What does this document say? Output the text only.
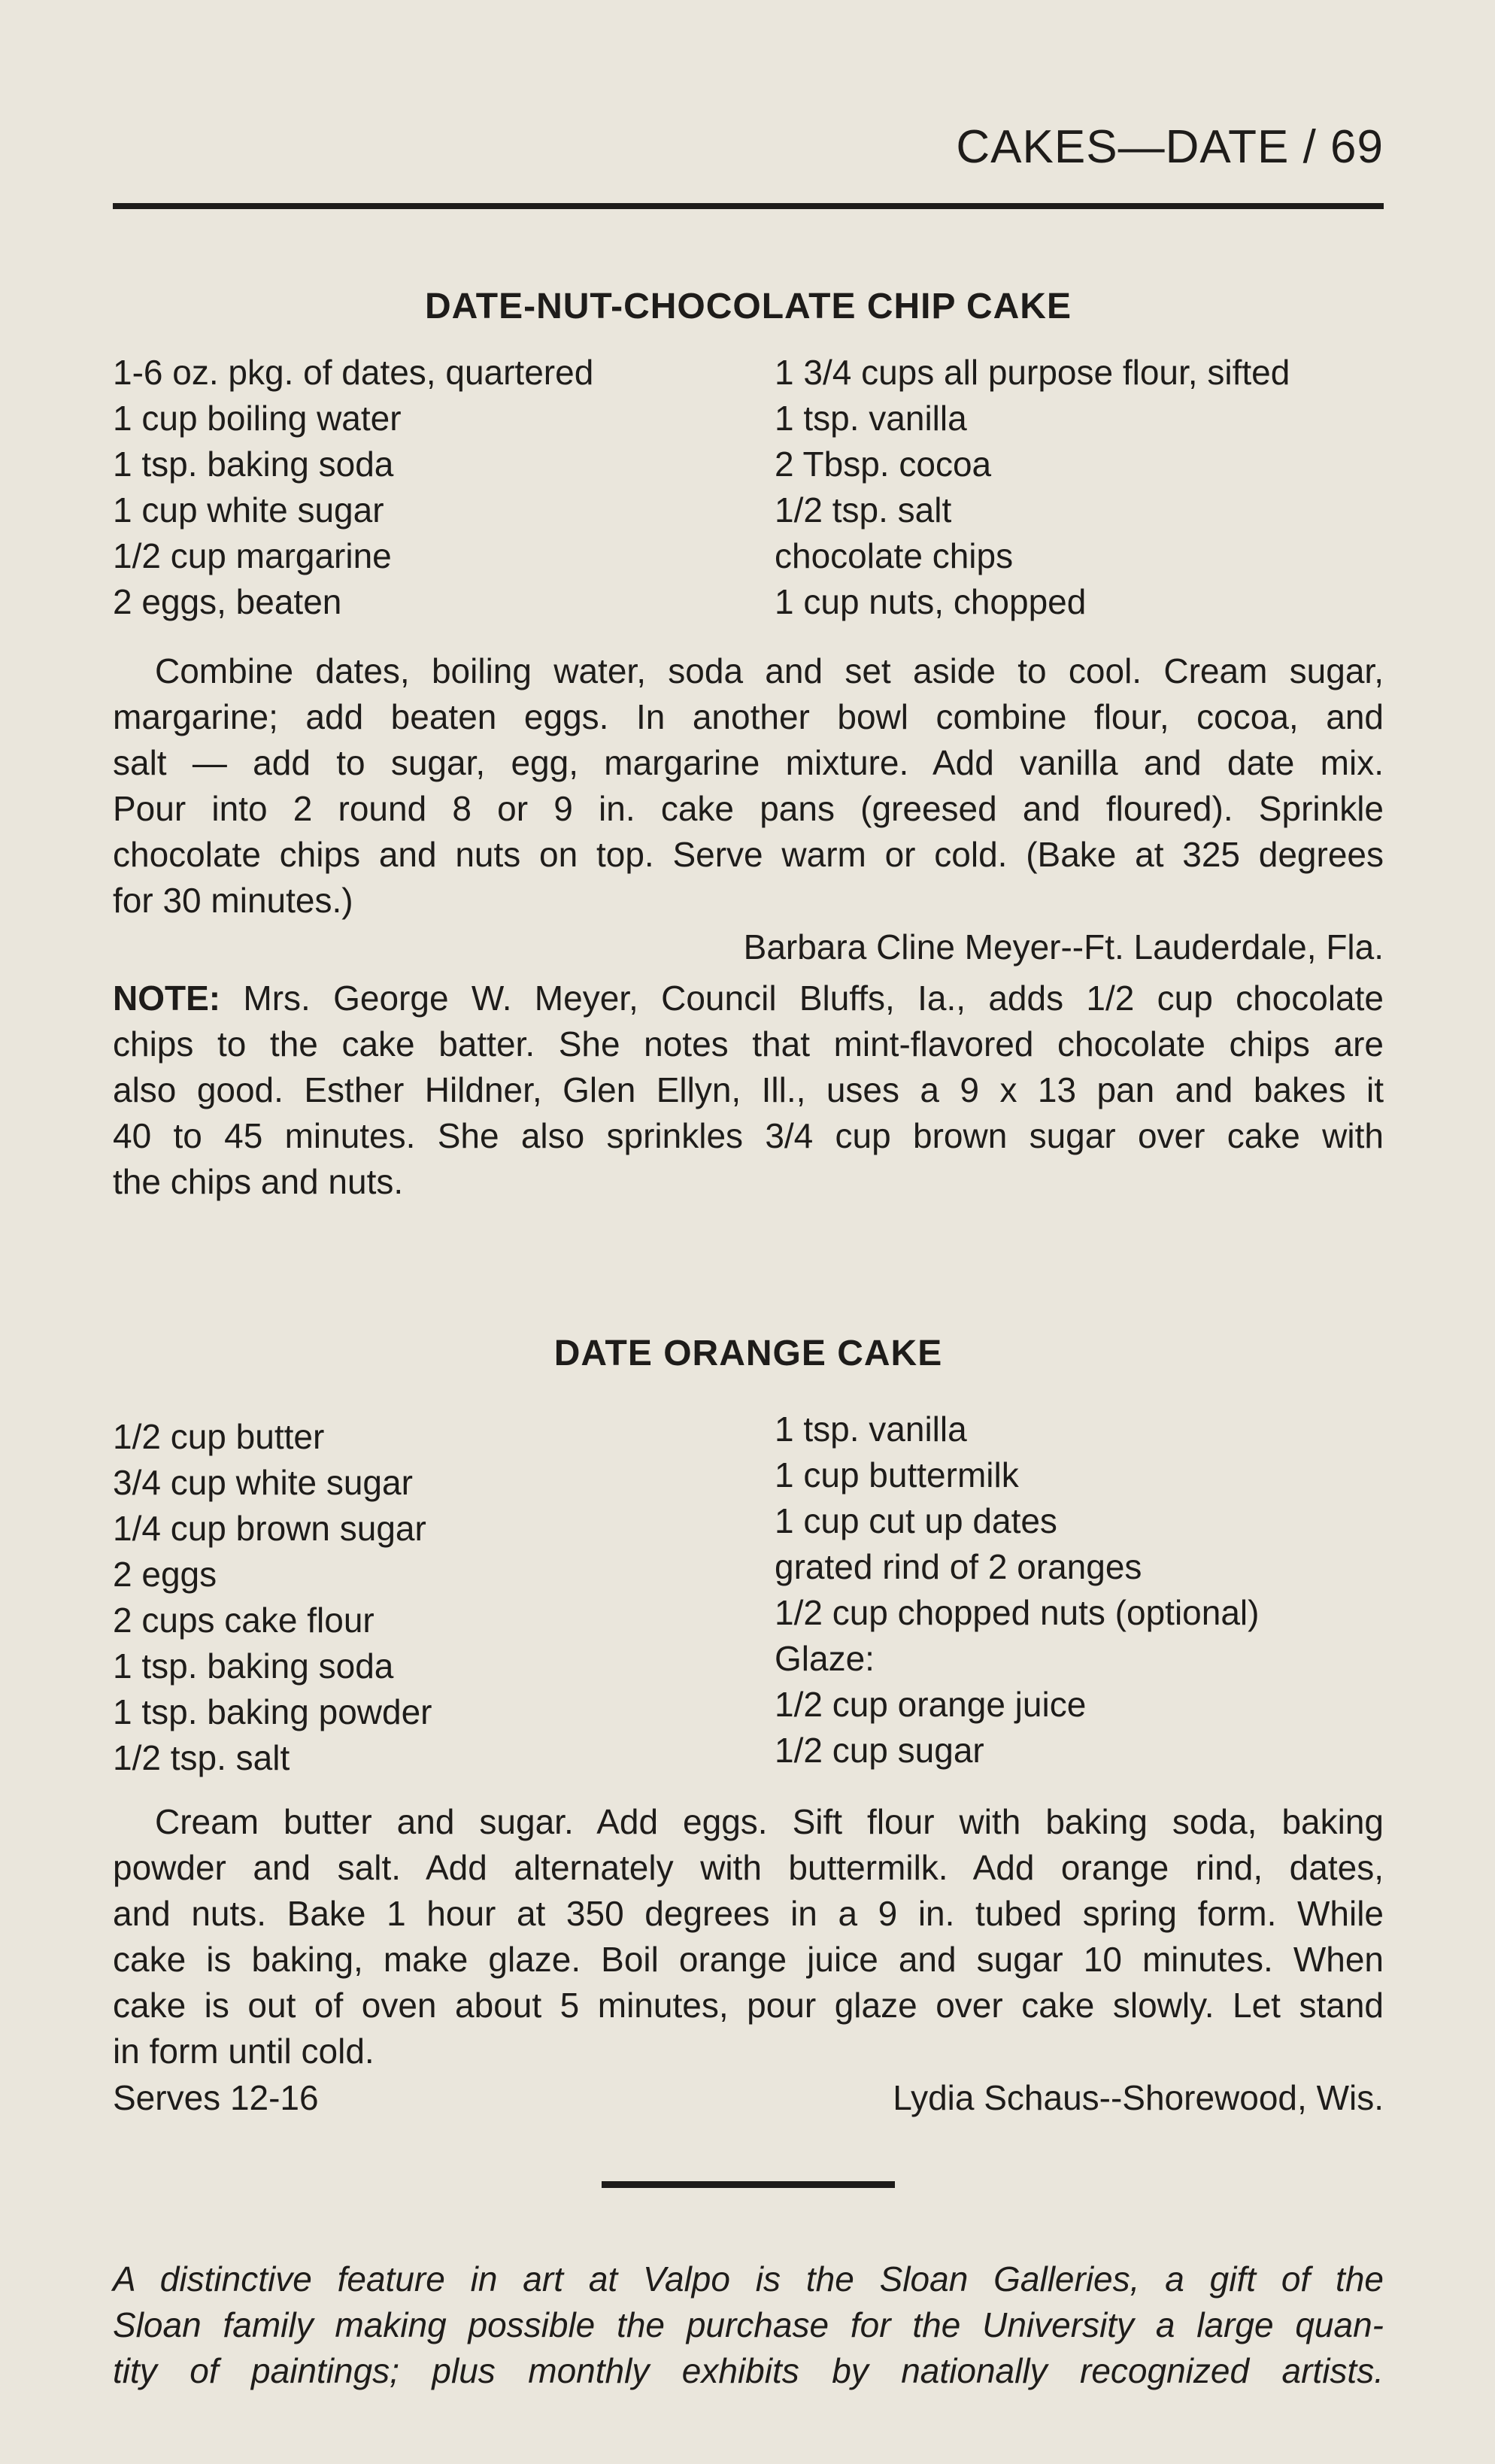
CAKES—DATE / 69
DATE-NUT-CHOCOLATE CHIP CAKE
1-6 oz. pkg. of dates, quartered
1 cup boiling water
1 tsp. baking soda
1 cup white sugar
1/2 cup margarine
2 eggs, beaten
1 3/4 cups all purpose flour, sifted
1 tsp. vanilla
2 Tbsp. cocoa
1/2 tsp. salt
chocolate chips
1 cup nuts, chopped
Combine dates, boiling water, soda and set aside to cool. Cream sugar,
margarine; add beaten eggs. In another bowl combine flour, cocoa, and
salt — add to sugar, egg, margarine mixture. Add vanilla and date mix.
Pour into 2 round 8 or 9 in. cake pans (greesed and floured). Sprinkle
chocolate chips and nuts on top. Serve warm or cold. (Bake at 325 degrees
for 30 minutes.)
Barbara Cline Meyer--Ft. Lauderdale, Fla.
NOTE: Mrs. George W. Meyer, Council Bluffs, Ia., adds 1/2 cup chocolate
chips to the cake batter. She notes that mint-flavored chocolate chips are
also good. Esther Hildner, Glen Ellyn, Ill., uses a 9 x 13 pan and bakes it
40 to 45 minutes. She also sprinkles 3/4 cup brown sugar over cake with
the chips and nuts.
DATE ORANGE CAKE
1/2 cup butter
3/4 cup white sugar
1/4 cup brown sugar
2 eggs
2 cups cake flour
1 tsp. baking soda
1 tsp. baking powder
1/2 tsp. salt
1 tsp. vanilla
1 cup buttermilk
1 cup cut up dates
grated rind of 2 oranges
1/2 cup chopped nuts (optional)
Glaze:
1/2 cup orange juice
1/2 cup sugar
Cream butter and sugar. Add eggs. Sift flour with baking soda, baking
powder and salt. Add alternately with buttermilk. Add orange rind, dates,
and nuts. Bake 1 hour at 350 degrees in a 9 in. tubed spring form. While
cake is baking, make glaze. Boil orange juice and sugar 10 minutes. When
cake is out of oven about 5 minutes, pour glaze over cake slowly. Let stand
in form until cold.
Serves 12-16	Lydia Schaus--Shorewood, Wis.
A distinctive feature in art at Valpo is the Sloan Galleries, a gift of the
Sloan family making possible the purchase for the University a large quan-
tity of paintings; plus monthly exhibits by nationally recognized artists.
